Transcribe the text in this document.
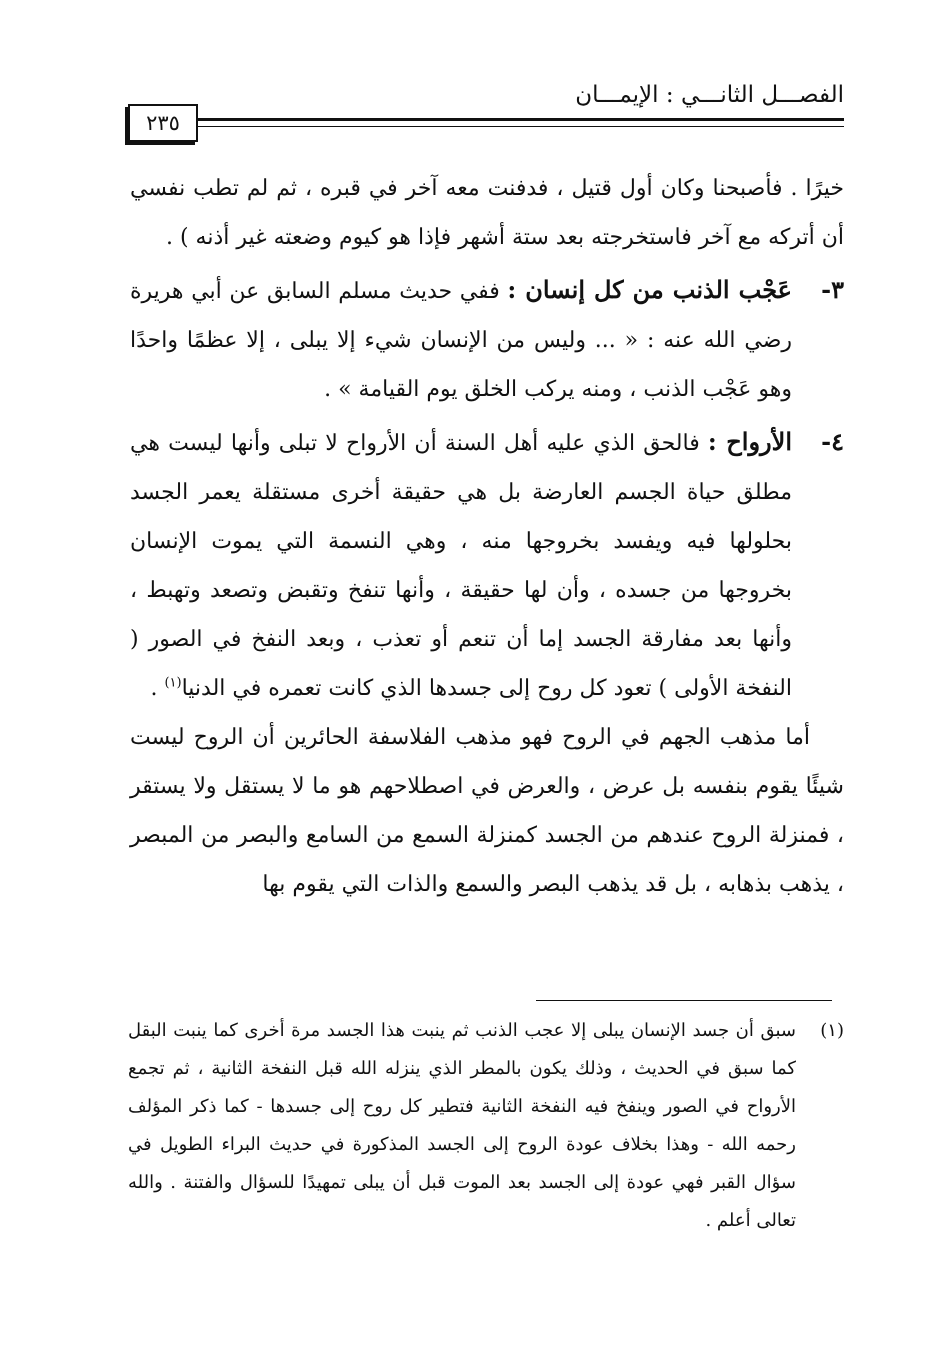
الفصـــل الثانـــي : الإيمـــان
٢٣٥

خيرًا . فأصبحنا وكان أول قتيل ، فدفنت معه آخر في قبره ، ثم لم تطب نفسي أن أتركه مع آخر فاستخرجته بعد ستة أشهر فإذا هو كيوم وضعته غير أذنه ) .

٣-
عَجْب الذنب من كل إنسان : ففي حديث مسلم السابق عن أبي هريرة رضي الله عنه : « ... وليس من الإنسان شيء إلا يبلى ، إلا عظمًا واحدًا وهو عَجْب الذنب ، ومنه يركب الخلق يوم القيامة » .
٤-
الأرواح : فالحق الذي عليه أهل السنة أن الأرواح لا تبلى وأنها ليست هي مطلق حياة الجسم العارضة بل هي حقيقة أخرى مستقلة يعمر الجسد بحلولها فيه ويفسد بخروجها منه ، وهي النسمة التي يموت الإنسان بخروجها من جسده ، وأن لها حقيقة ، وأنها تنفخ وتقبض وتصعد وتهبط ، وأنها بعد مفارقة الجسد إما أن تنعم أو تعذب ، وبعد النفخ في الصور ( النفخة الأولى ) تعود كل روح إلى جسدها الذي كانت تعمره في الدنيا$^{(١)}$ .

أما مذهب الجهم في الروح فهو مذهب الفلاسفة الحائرين أن الروح ليست شيئًا يقوم بنفسه بل عرض ، والعرض في اصطلاحهم هو ما لا يستقل ولا يستقر ، فمنزلة الروح عندهم من الجسد كمنزلة السمع من السامع والبصر من المبصر ، يذهب بذهابه ، بل قد يذهب البصر والسمع والذات التي يقوم بها

(١)
سبق أن جسد الإنسان يبلى إلا عجب الذنب ثم ينبت هذا الجسد مرة أخرى كما ينبت البقل كما سبق في الحديث ، وذلك يكون بالمطر الذي ينزله الله قبل النفخة الثانية ، ثم تجمع الأرواح في الصور وينفخ فيه النفخة الثانية فتطير كل روح إلى جسدها - كما ذكر المؤلف رحمه الله - وهذا بخلاف عودة الروح إلى الجسد المذكورة في حديث البراء الطويل في سؤال القبر فهي عودة إلى الجسد بعد الموت قبل أن يبلى تمهيدًا للسؤال والفتنة . والله تعالى أعلم .
